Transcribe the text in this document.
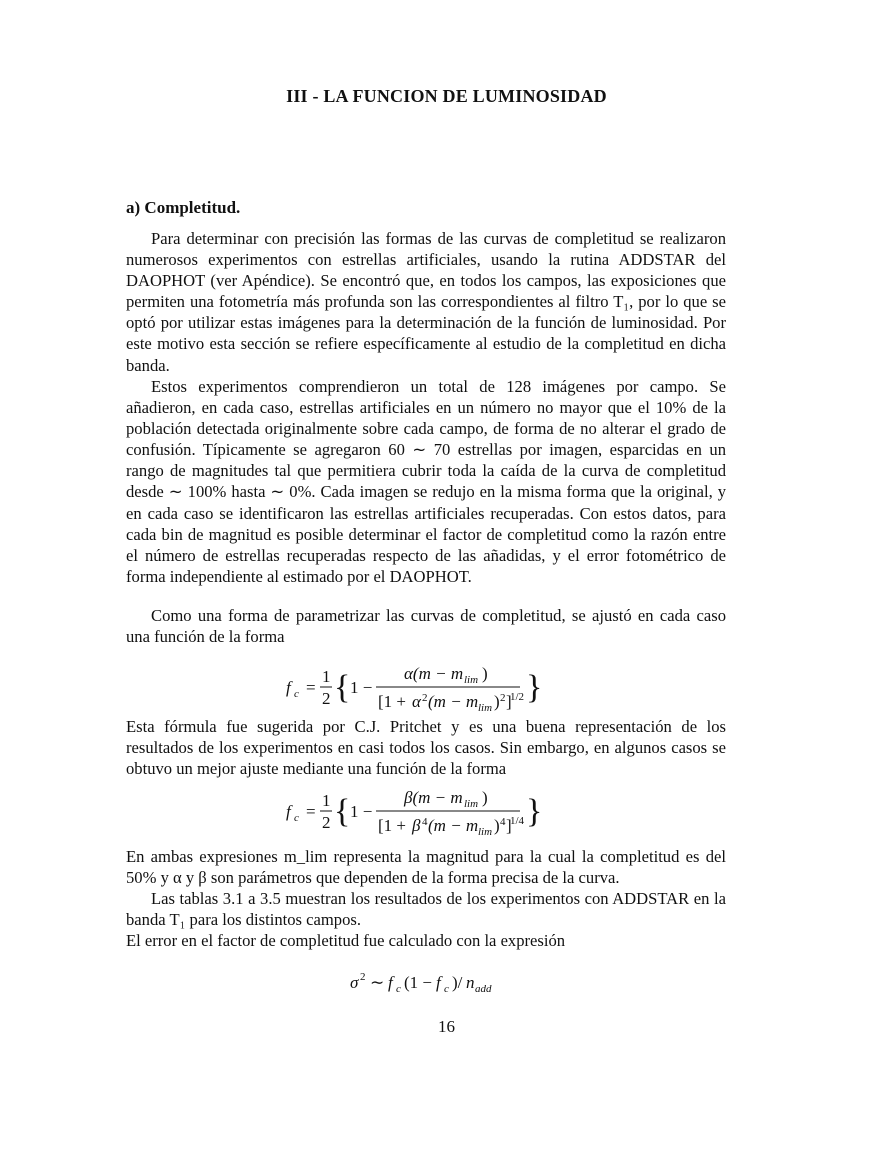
III - LA FUNCION DE LUMINOSIDAD
a) Completitud.

Para determinar con precisión las formas de las curvas de completitud se realizaron numerosos experimentos con estrellas artificiales, usando la rutina ADDSTAR del DAOPHOT (ver Apéndice). Se encontró que, en todos los campos, las exposiciones que permiten una fotometría más profunda son las correspondientes al filtro T₁, por lo que se optó por utilizar estas imágenes para la determinación de la función de luminosidad. Por este motivo esta sección se refiere específicamente al estudio de la completitud en dicha banda.

Estos experimentos comprendieron un total de 128 imágenes por campo. Se añadieron, en cada caso, estrellas artificiales en un número no mayor que el 10% de la población detectada originalmente sobre cada campo, de forma de no alterar el grado de confusión. Típicamente se agregaron 60 ∼ 70 estrellas por imagen, esparcidas en un rango de magnitudes tal que permitiera cubrir toda la caída de la curva de completitud desde ∼ 100% hasta ∼ 0%. Cada imagen se redujo en la misma forma que la original, y en cada caso se identificaron las estrellas artificiales recuperadas. Con estos datos, para cada bin de magnitud es posible determinar el factor de completitud como la razón entre el número de estrellas recuperadas respecto de las añadidas, y el error fotométrico de forma independiente al estimado por el DAOPHOT.

Como una forma de parametrizar las curvas de completitud, se ajustó en cada caso una función de la forma

f c =
1
2 { 1 −
α(m − m lim )
[1 + α 2 (m − m lim ) 2 ]
1/2 }

Esta fórmula fue sugerida por C.J. Pritchet y es una buena representación de los resultados de los experimentos en casi todos los casos. Sin embargo, en algunos casos se obtuvo un mejor ajuste mediante una función de la forma

f c =
1
2 { 1 −
β(m − m lim )
[1 + β 4 (m − m lim ) 4 ]
1/4 }

En ambas expresiones m_lim representa la magnitud para la cual la completitud es del 50% y α y β son parámetros que dependen de la forma precisa de la curva.

Las tablas 3.1 a 3.5 muestran los resultados de los experimentos con ADDSTAR en la banda T₁ para los distintos campos.

El error en el factor de completitud fue calculado con la expresión

σ 2 ∼ f c (1 − f c )/ n add
16
